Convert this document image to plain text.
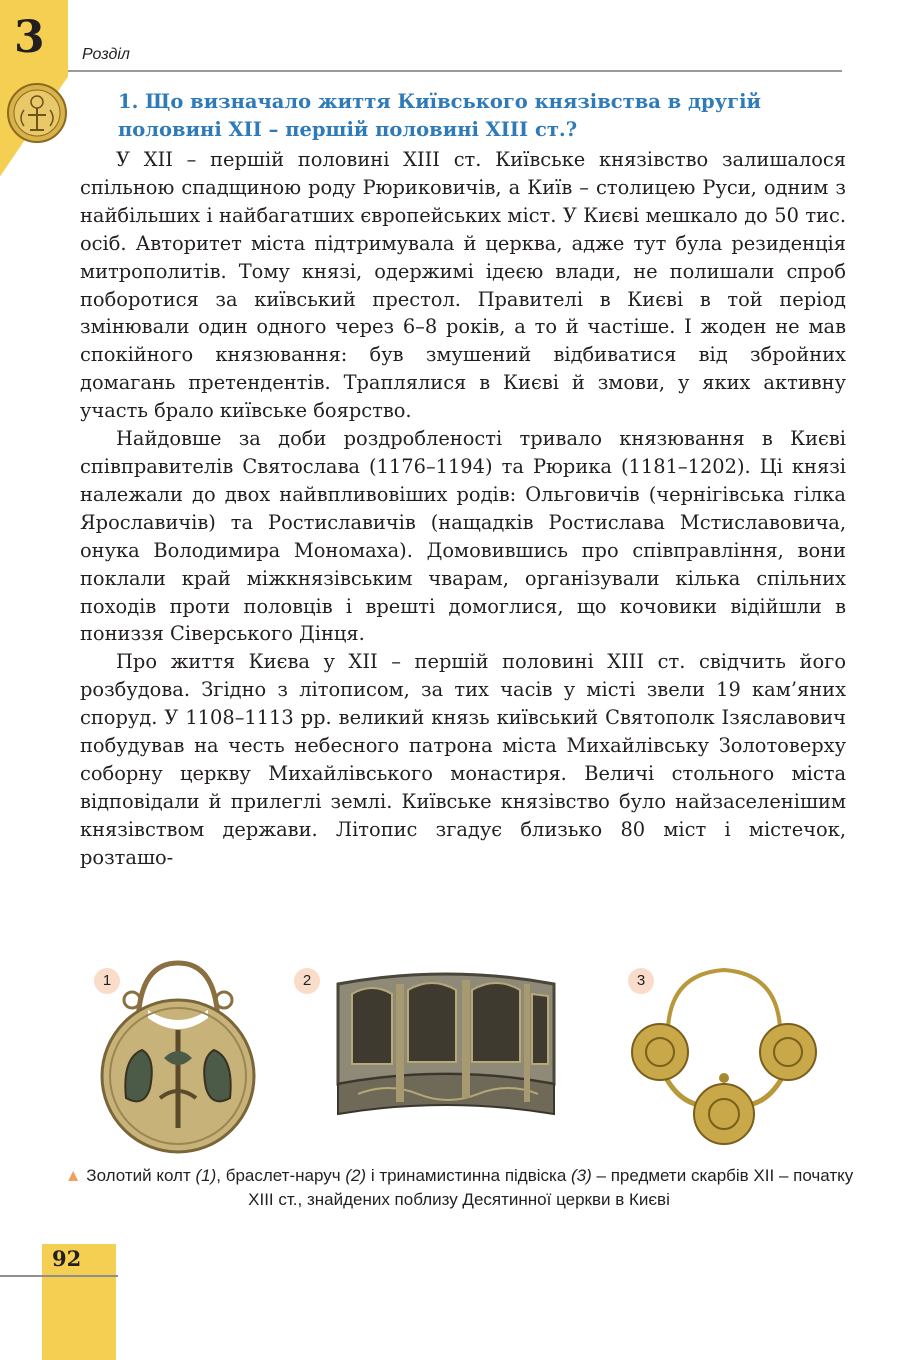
3 Розділ
1. Що визначало життя Київського князівства в другій половині XII – першій половині XIII ст.?

У XII – першій половині XIII ст. Київське князівство залишалося спільною спадщиною роду Рюриковичів, а Київ – столицею Руси, одним з найбільших і найбагатших європейських міст. У Києві мешкало до 50 тис. осіб. Авторитет міста підтримувала й церква, адже тут була резиденція митрополитів. Тому князі, одержимі ідеєю влади, не полишали спроб поборотися за київський престол. Правителі в Києві в той період змінювали один одного через 6–8 років, а то й частіше. І жоден не мав спокійного князювання: був змушений відбиватися від збройних домагань претендентів. Траплялися в Києві й змови, у яких активну участь брало київське боярство.

Найдовше за доби роздробленості тривало князювання в Києві співправителів Святослава (1176–1194) та Рюрика (1181–1202). Ці князі належали до двох найвпливовіших родів: Ольговичів (чернігівська гілка Ярославичів) та Ростиславичів (нащадків Ростислава Мстиславовича, онука Володимира Мономаха). Домовившись про співправління, вони поклали край міжкнязівським чварам, організували кілька спільних походів проти половців і врешті домоглися, що кочовики відійшли в пониззя Сіверського Дінця.

Про життя Києва у XII – першій половині XIII ст. свідчить його розбудова. Згідно з літописом, за тих часів у місті звели 19 кам’яних споруд. У 1108–1113 рр. великий князь київський Святополк Ізяславович побудував на честь небесного патрона міста Михайлівську Золотоверху соборну церкву Михайлівського монастиря. Величі стольного міста відповідали й прилеглі землі. Київське князівство було найзаселенішим князівством держави. Літопис згадує близько 80 міст і містечок, розташо-

1	2	3
▲ Золотий колт (1), браслет-наруч (2) і тринамистинна підвіска (3) – предмети скарбів XII – початку XIII ст., знайдених поблизу Десятинної церкви в Києві
92
